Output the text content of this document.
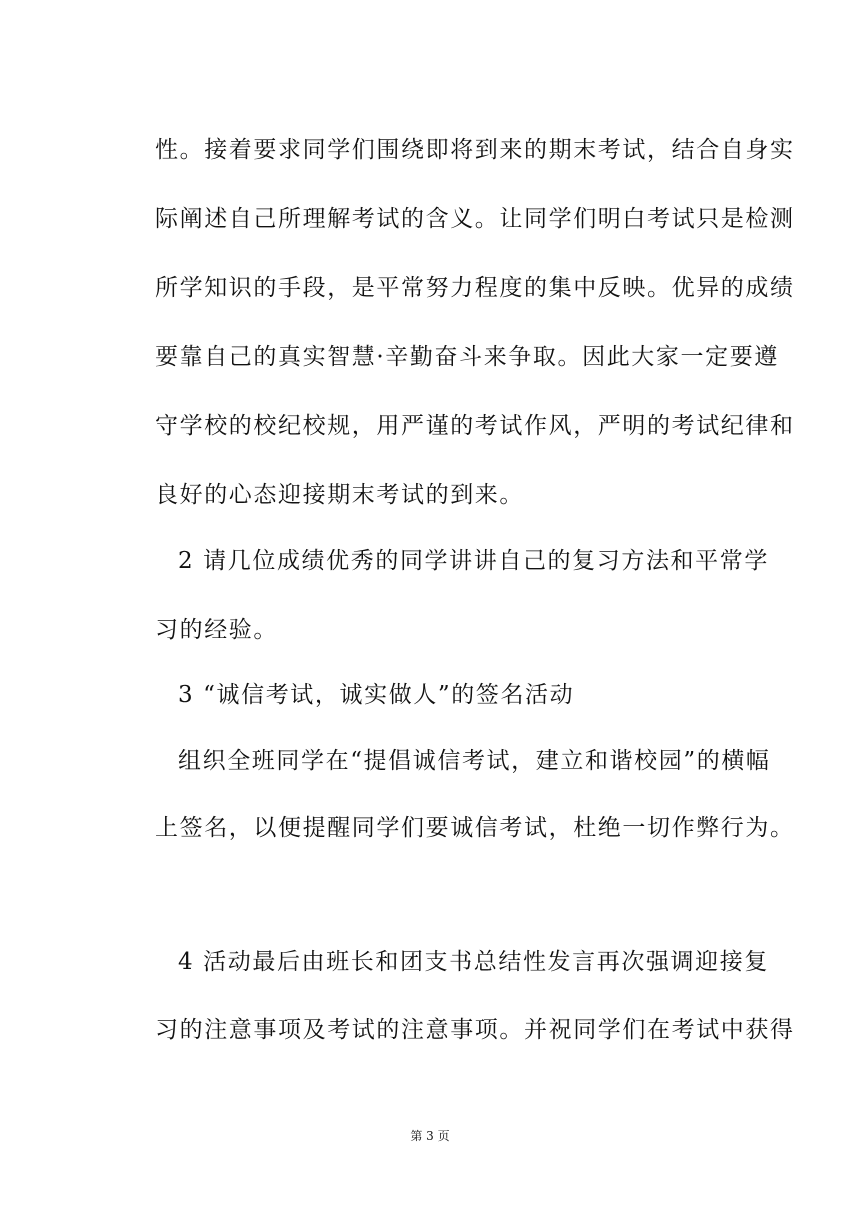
性。接着要求同学们围绕即将到来的期末考试，结合自身实
际阐述自己所理解考试的含义。让同学们明白考试只是检测
所学知识的手段，是平常努力程度的集中反映。优异的成绩
要靠自己的真实智慧·辛勤奋斗来争取。因此大家一定要遵
守学校的校纪校规，用严谨的考试作风，严明的考试纪律和
良好的心态迎接期末考试的到来。
2 请几位成绩优秀的同学讲讲自己的复习方法和平常学
习的经验。
3 “诚信考试，诚实做人”的签名活动
组织全班同学在“提倡诚信考试，建立和谐校园”的横幅
上签名，以便提醒同学们要诚信考试，杜绝一切作弊行为。
4 活动最后由班长和团支书总结性发言再次强调迎接复
习的注意事项及考试的注意事项。并祝同学们在考试中获得
第 3 页
